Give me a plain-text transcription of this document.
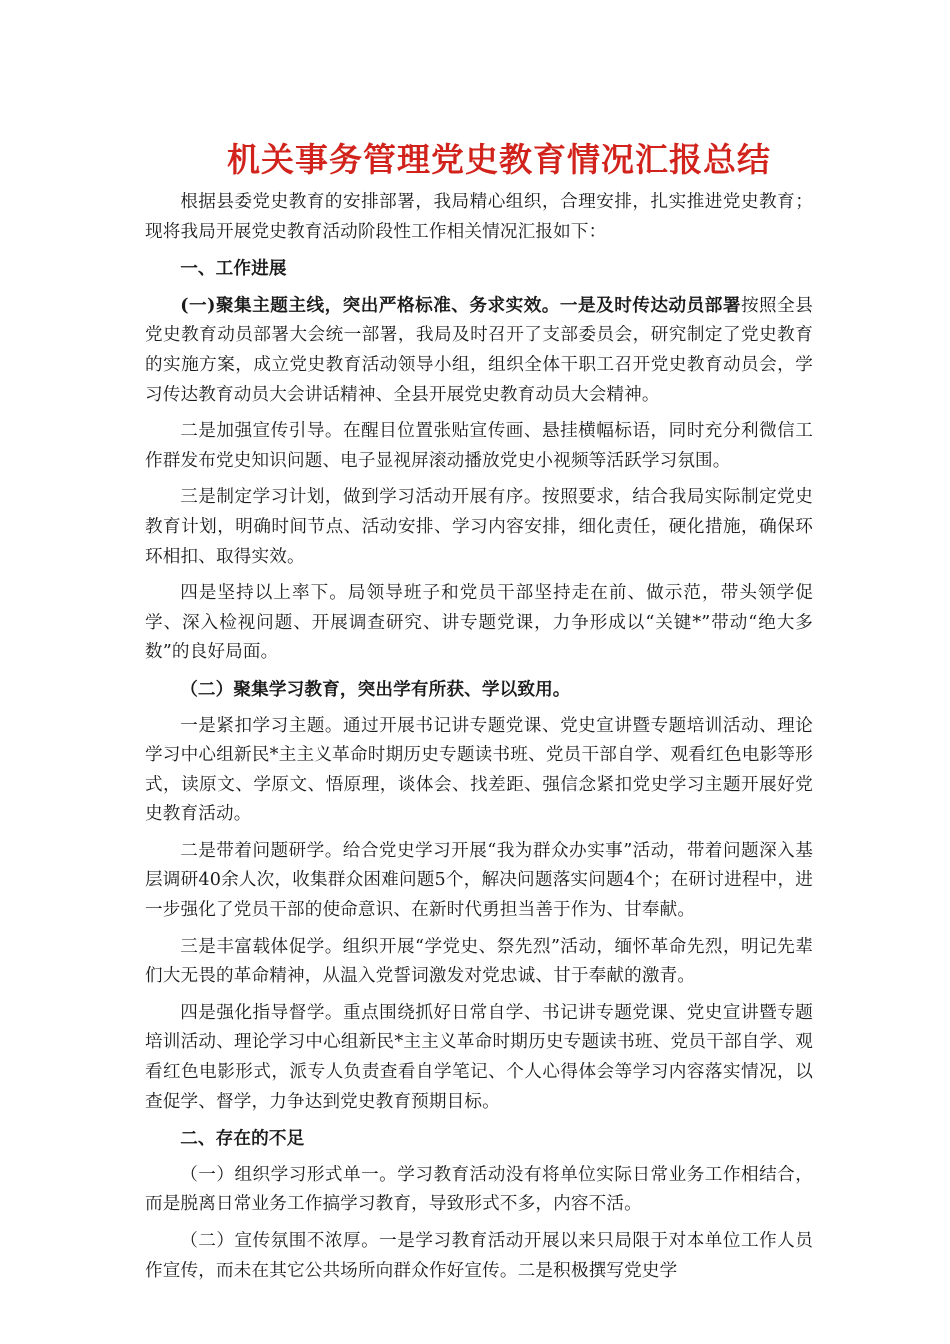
机关事务管理党史教育情况汇报总结

根据县委党史教育的安排部署，我局精心组织，合理安排，扎实推进党史教育；现将我局开展党史教育活动阶段性工作相关情况汇报如下：

一、工作进展

(一)聚集主题主线，突出严格标准、务求实效。一是及时传达动员部署按照全县党史教育动员部署大会统一部署，我局及时召开了支部委员会，研究制定了党史教育的实施方案，成立党史教育活动领导小组，组织全体干职工召开党史教育动员会，学习传达教育动员大会讲话精神、全县开展党史教育动员大会精神。

二是加强宣传引导。在醒目位置张贴宣传画、悬挂横幅标语，同时充分利微信工作群发布党史知识问题、电子显视屏滚动播放党史小视频等活跃学习氛围。

三是制定学习计划，做到学习活动开展有序。按照要求，结合我局实际制定党史教育计划，明确时间节点、活动安排、学习内容安排，细化责任，硬化措施，确保环环相扣、取得实效。

四是坚持以上率下。局领导班子和党员干部坚持走在前、做示范，带头领学促学、深入检视问题、开展调查研究、讲专题党课，力争形成以“关键*”带动“绝大多数”的良好局面。

（二）聚集学习教育，突出学有所获、学以致用。

一是紧扣学习主题。通过开展书记讲专题党课、党史宣讲暨专题培训活动、理论学习中心组新民*主主义革命时期历史专题读书班、党员干部自学、观看红色电影等形式，读原文、学原文、悟原理，谈体会、找差距、强信念紧扣党史学习主题开展好党史教育活动。

二是带着问题研学。给合党史学习开展“我为群众办实事”活动，带着问题深入基层调研40余人次，收集群众困难问题5个，解决问题落实问题4个；在研讨进程中，进一步强化了党员干部的使命意识、在新时代勇担当善于作为、甘奉献。

三是丰富载体促学。组织开展“学党史、祭先烈”活动，缅怀革命先烈，明记先辈们大无畏的革命精神，从温入党誓词激发对党忠诚、甘于奉献的激青。

四是强化指导督学。重点围绕抓好日常自学、书记讲专题党课、党史宣讲暨专题培训活动、理论学习中心组新民*主主义革命时期历史专题读书班、党员干部自学、观看红色电影形式，派专人负责查看自学笔记、个人心得体会等学习内容落实情况，以查促学、督学，力争达到党史教育预期目标。

二、存在的不足

（一）组织学习形式单一。学习教育活动没有将单位实际日常业务工作相结合，而是脱离日常业务工作搞学习教育，导致形式不多，内容不活。

（二）宣传氛围不浓厚。一是学习教育活动开展以来只局限于对本单位工作人员作宣传，而未在其它公共场所向群众作好宣传。二是积极撰写党史学
